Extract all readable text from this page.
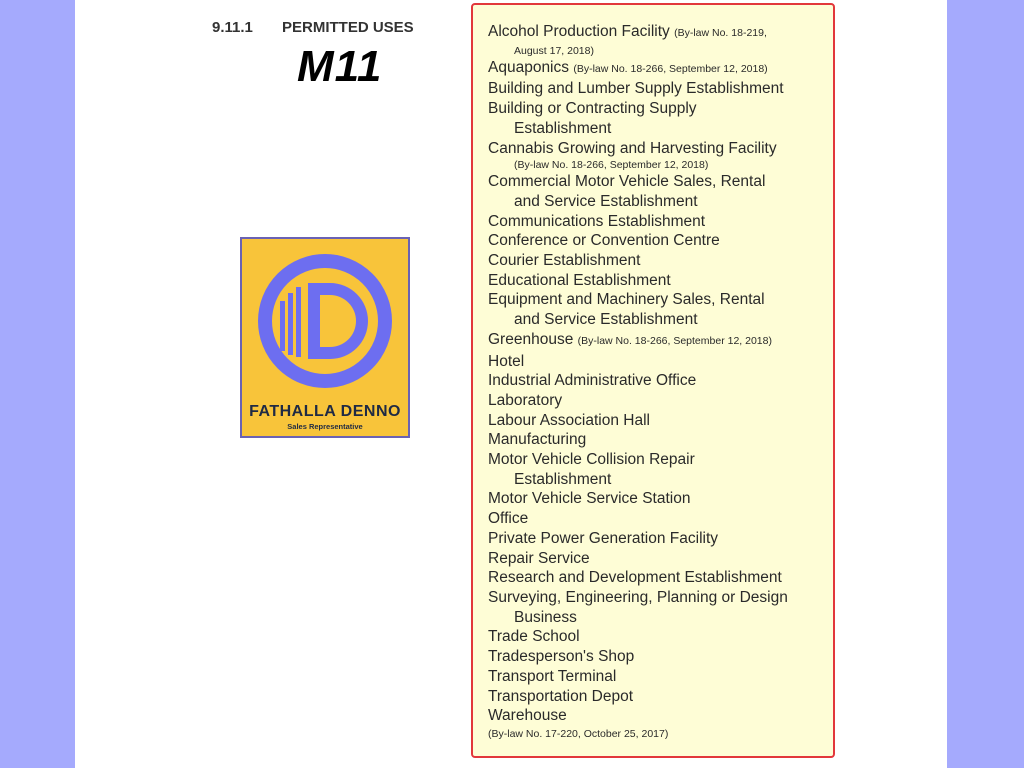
9.11.1 PERMITTED USES
M11
FATHALLA DENNO
Sales Representative
Alcohol Production Facility (By-law No. 18-219,
August 17, 2018)
Aquaponics (By-law No. 18-266, September 12, 2018)
Building and Lumber Supply Establishment
Building or Contracting Supply
Establishment
Cannabis Growing and Harvesting Facility
(By-law No. 18-266, September 12, 2018)
Commercial Motor Vehicle Sales, Rental
and Service Establishment
Communications Establishment
Conference or Convention Centre
Courier Establishment
Educational Establishment
Equipment and Machinery Sales, Rental
and Service Establishment
Greenhouse (By-law No. 18-266, September 12, 2018)
Hotel
Industrial Administrative Office
Laboratory
Labour Association Hall
Manufacturing
Motor Vehicle Collision Repair
Establishment
Motor Vehicle Service Station
Office
Private Power Generation Facility
Repair Service
Research and Development Establishment
Surveying, Engineering, Planning or Design
Business
Trade School
Tradesperson's Shop
Transport Terminal
Transportation Depot
Warehouse
(By-law No. 17-220, October 25, 2017)
